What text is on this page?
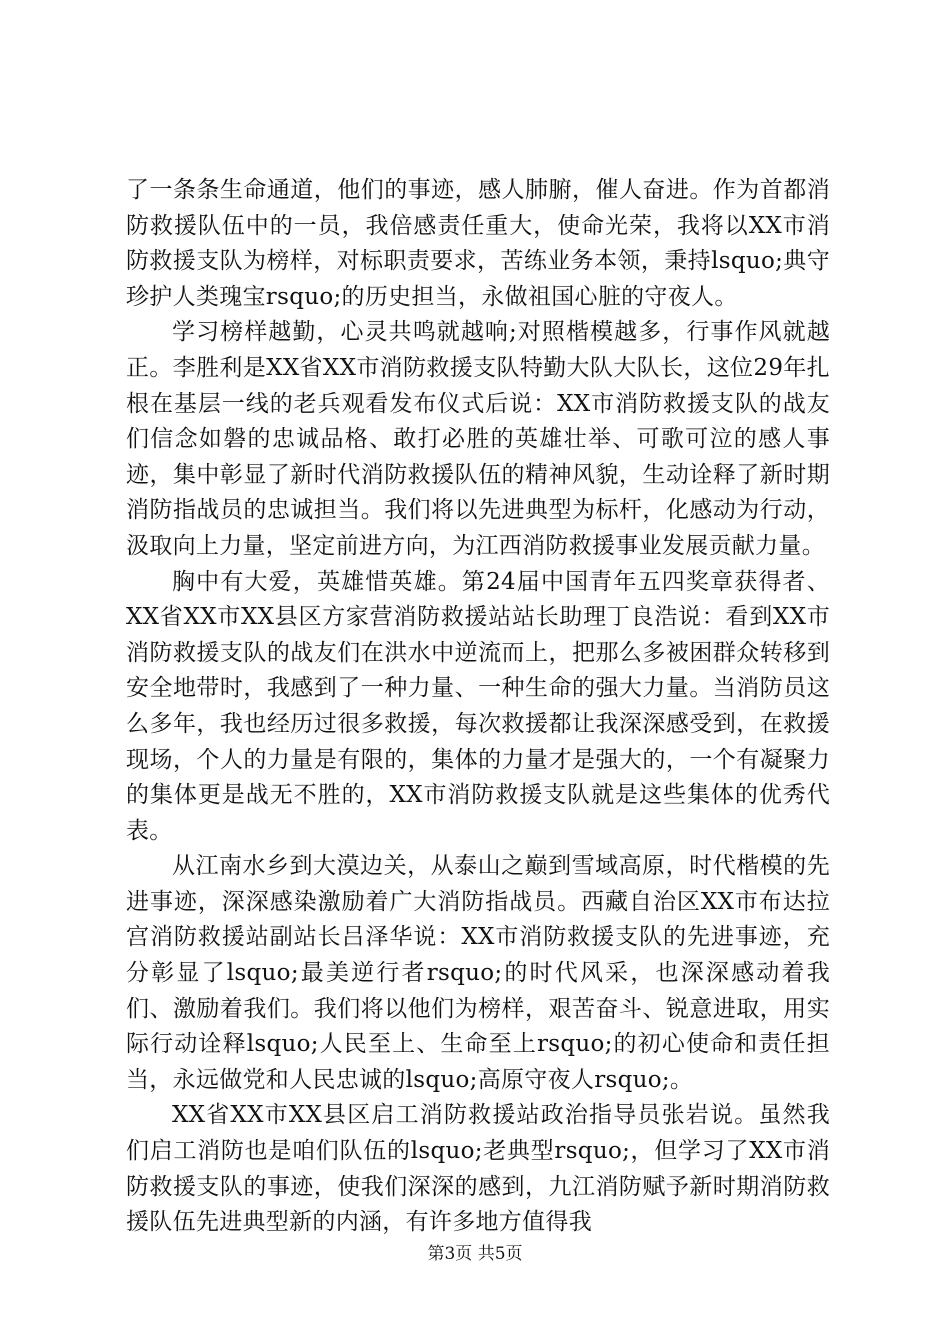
了一条条生命通道，他们的事迹，感人肺腑，催人奋进。作为首都消防救援队伍中的一员，我倍感责任重大，使命光荣，我将以XX市消防救援支队为榜样，对标职责要求，苦练业务本领，秉持lsquo;典守珍护人类瑰宝rsquo;的历史担当，永做祖国心脏的守夜人。

学习榜样越勤，心灵共鸣就越响;对照楷模越多，行事作风就越正。李胜利是XX省XX市消防救援支队特勤大队大队长，这位29年扎根在基层一线的老兵观看发布仪式后说：XX市消防救援支队的战友们信念如磐的忠诚品格、敢打必胜的英雄壮举、可歌可泣的感人事迹，集中彰显了新时代消防救援队伍的精神风貌，生动诠释了新时期消防指战员的忠诚担当。我们将以先进典型为标杆，化感动为行动，汲取向上力量，坚定前进方向，为江西消防救援事业发展贡献力量。

胸中有大爱，英雄惜英雄。第24届中国青年五四奖章获得者、XX省XX市XX县区方家营消防救援站站长助理丁良浩说：看到XX市消防救援支队的战友们在洪水中逆流而上，把那么多被困群众转移到安全地带时，我感到了一种力量、一种生命的强大力量。当消防员这么多年，我也经历过很多救援，每次救援都让我深深感受到，在救援现场，个人的力量是有限的，集体的力量才是强大的，一个有凝聚力的集体更是战无不胜的，XX市消防救援支队就是这些集体的优秀代表。

从江南水乡到大漠边关，从泰山之巅到雪域高原，时代楷模的先进事迹，深深感染激励着广大消防指战员。西藏自治区XX市布达拉宫消防救援站副站长吕泽华说：XX市消防救援支队的先进事迹，充分彰显了lsquo;最美逆行者rsquo;的时代风采，也深深感动着我们、激励着我们。我们将以他们为榜样，艰苦奋斗、锐意进取，用实际行动诠释lsquo;人民至上、生命至上rsquo;的初心使命和责任担当，永远做党和人民忠诚的lsquo;高原守夜人rsquo;。

XX省XX市XX县区启工消防救援站政治指导员张岩说。虽然我们启工消防也是咱们队伍的lsquo;老典型rsquo;，但学习了XX市消防救援支队的事迹，使我们深深的感到，九江消防赋予新时期消防救援队伍先进典型新的内涵，有许多地方值得我

第3页 共5页
